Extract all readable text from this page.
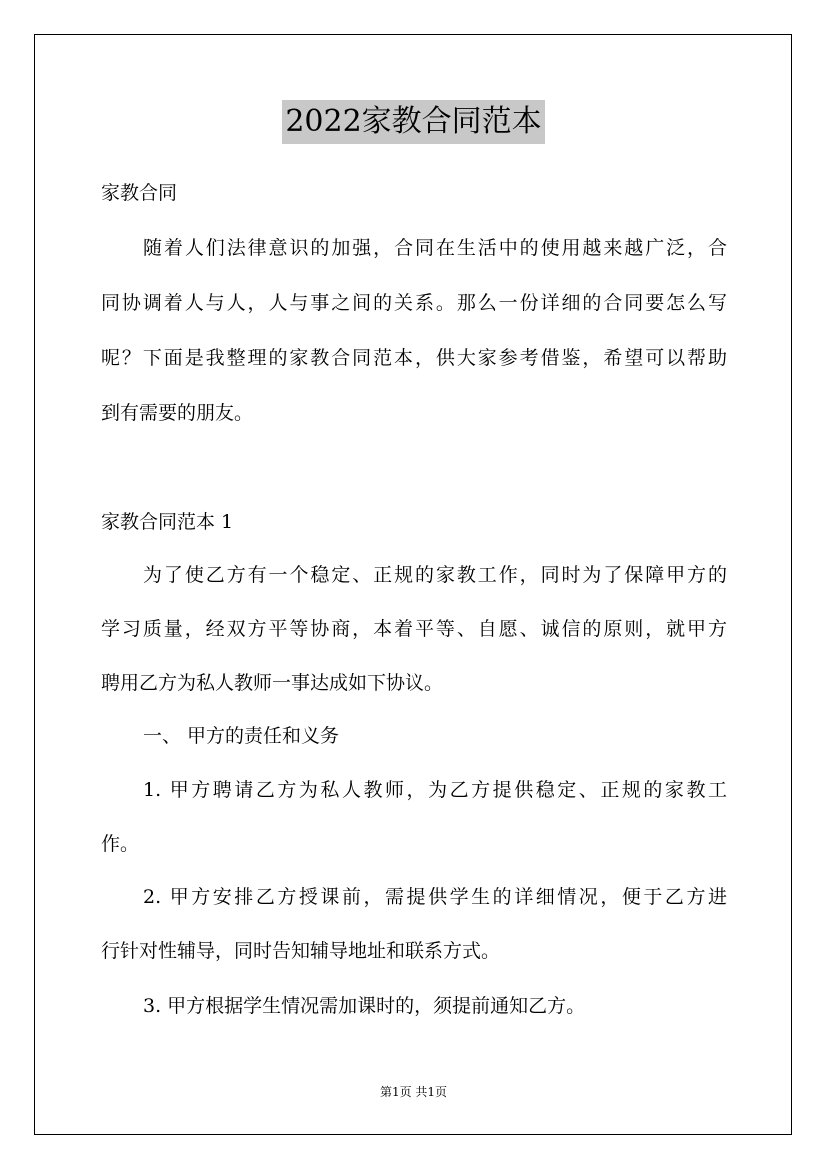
2022家教合同范本
家教合同
随着人们法律意识的加强，合同在生活中的使用越来越广泛，合
同协调着人与人，人与事之间的关系。那么一份详细的合同要怎么写
呢？下面是我整理的家教合同范本，供大家参考借鉴，希望可以帮助
到有需要的朋友。
家教合同范本 1
为了使乙方有一个稳定、正规的家教工作，同时为了保障甲方的
学习质量，经双方平等协商，本着平等、自愿、诚信的原则，就甲方
聘用乙方为私人教师一事达成如下协议。
一、 甲方的责任和义务
1. 甲方聘请乙方为私人教师，为乙方提供稳定、正规的家教工
作。
2. 甲方安排乙方授课前，需提供学生的详细情况，便于乙方进
行针对性辅导，同时告知辅导地址和联系方式。
3. 甲方根据学生情况需加课时的，须提前通知乙方。
第1页 共1页
